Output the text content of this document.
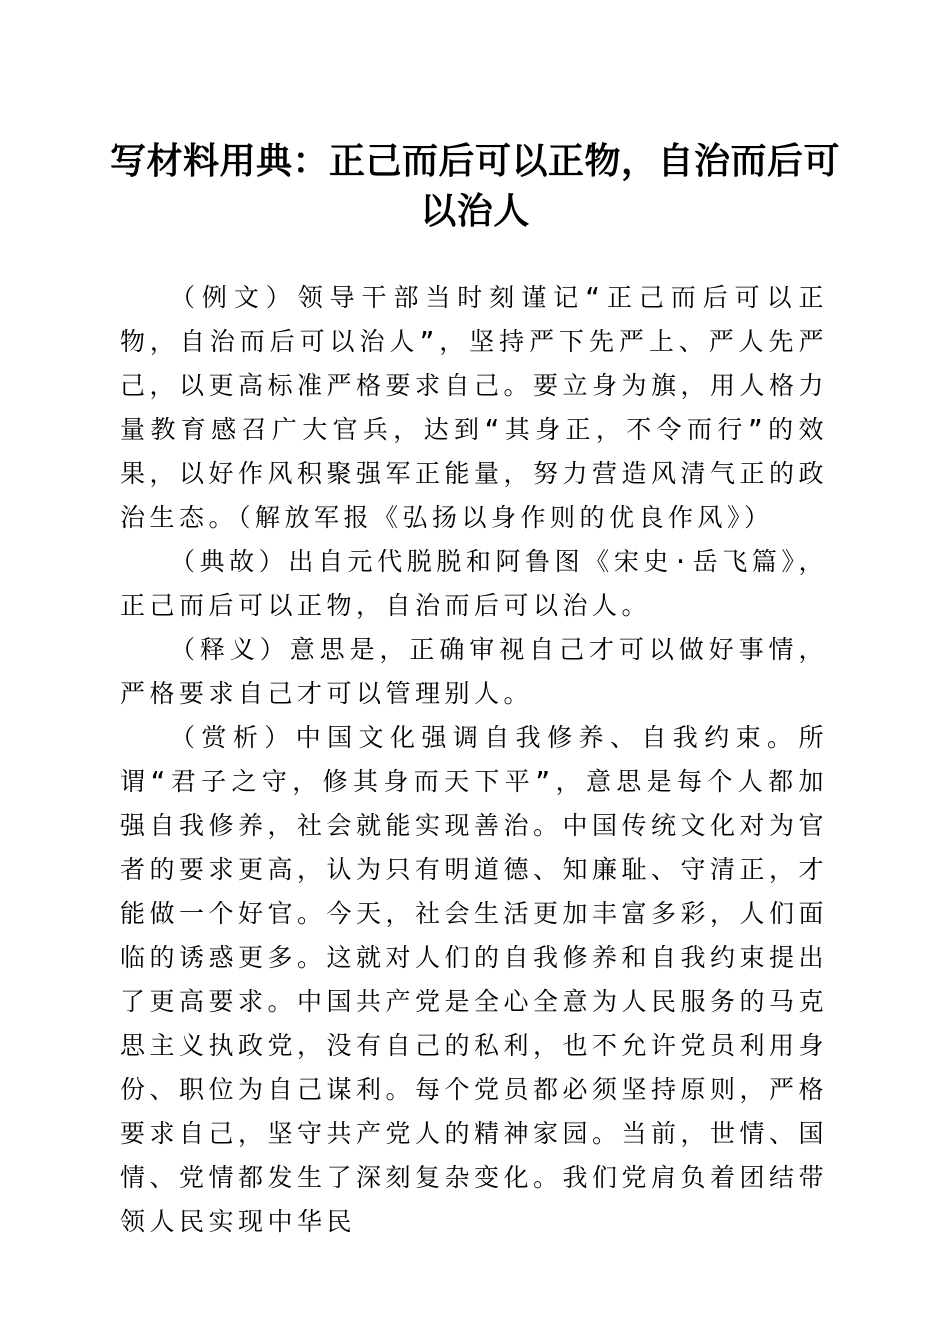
写材料用典：正己而后可以正物，自治而后可以治人

（例文）领导干部当时刻谨记“正己而后可以正物，自治而后可以治人”，坚持严下先严上、严人先严己，以更高标准严格要求自己。要立身为旗，用人格力量教育感召广大官兵，达到“其身正，不令而行”的效果，以好作风积聚强军正能量，努力营造风清气正的政治生态。（解放军报《弘扬以身作则的优良作风》）

（典故）出自元代脱脱和阿鲁图《宋史·岳飞篇》，正己而后可以正物，自治而后可以治人。

（释义）意思是，正确审视自己才可以做好事情，严格要求自己才可以管理别人。

（赏析）中国文化强调自我修养、自我约束。所谓“君子之守，修其身而天下平”，意思是每个人都加强自我修养，社会就能实现善治。中国传统文化对为官者的要求更高，认为只有明道德、知廉耻、守清正，才能做一个好官。今天，社会生活更加丰富多彩，人们面临的诱惑更多。这就对人们的自我修养和自我约束提出了更高要求。中国共产党是全心全意为人民服务的马克思主义执政党，没有自己的私利，也不允许党员利用身份、职位为自己谋利。每个党员都必须坚持原则，严格要求自己，坚守共产党人的精神家园。当前，世情、国情、党情都发生了深刻复杂变化。我们党肩负着团结带领人民实现中华民
